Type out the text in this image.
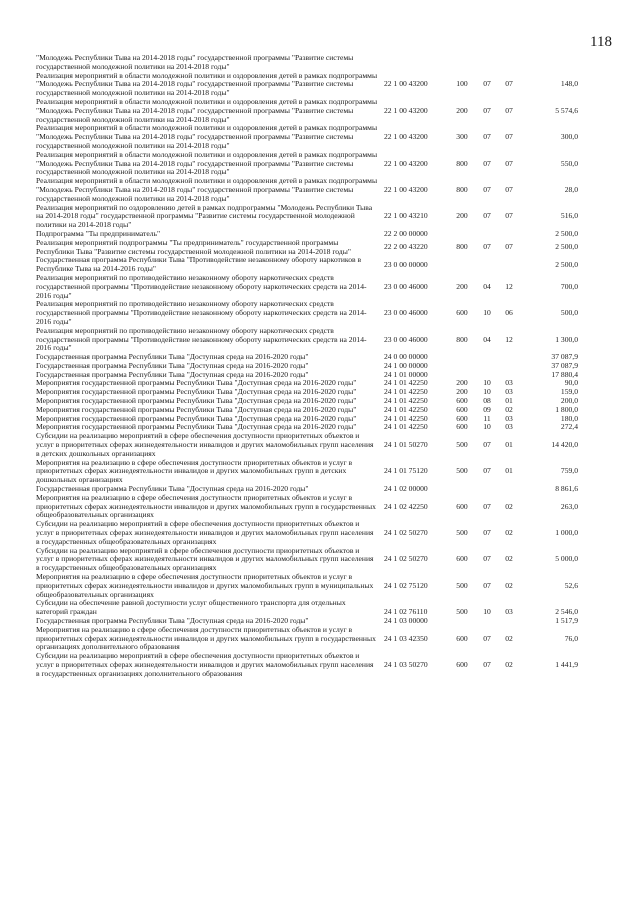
118
"Молодежь Республики Тыва на 2014-2018 годы" государственной программы "Развитие системы государственной молодежной политики на 2014-2018 годы"
Реализация мероприятий в области молодежной политики и оздоровления детей в рамках подпрограммы "Молодежь Республики Тыва на 2014-2018 годы" государственной программы "Развитие системы государственной молодежной политики на 2014-2018 годы"
22 1 00 43200	100	07	07	148,0
Реализация мероприятий в области молодежной политики и оздоровления детей в рамках подпрограммы "Молодежь Республики Тыва на 2014-2018 годы" государственной программы "Развитие системы государственной молодежной политики на 2014-2018 годы"
22 1 00 43200	200	07	07	5 574,6
Реализация мероприятий в области молодежной политики и оздоровления детей в рамках подпрограммы "Молодежь Республики Тыва на 2014-2018 годы" государственной программы "Развитие системы государственной молодежной политики на 2014-2018 годы"
22 1 00 43200	300	07	07	300,0
Реализация мероприятий в области молодежной политики и оздоровления детей в рамках подпрограммы "Молодежь Республики Тыва на 2014-2018 годы" государственной программы "Развитие системы государственной молодежной политики на 2014-2018 годы"
22 1 00 43200	800	07	07	550,0
Реализация мероприятий в области молодежной политики и оздоровления детей в рамках подпрограммы "Молодежь Республики Тыва на 2014-2018 годы" государственной программы "Развитие системы государственной молодежной политики на 2014-2018 годы"
22 1 00 43200	800	07	07	28,0
Реализация мероприятий по оздоровлению детей в рамках подпрограммы "Молодежь Республики Тыва на 2014-2018 годы" государственной программы "Развитие системы государственной молодежной политики на 2014-2018 годы"
22 1 00 43210	200	07	07	516,0
Подпрограмма "Ты предприниматель"	22 2 00 00000	2 500,0
Реализация мероприятий подпрограммы "Ты предприниматель" государственной программы Республики Тыва "Развитие системы государственной молодежной политики на 2014-2018 годы"	22 2 00 43220	800	07	07	2 500,0
Государственная программа Республики Тыва "Противодействие незаконному обороту наркотиков в Республике Тыва на 2014-2016 годы"	23 0 00 00000	2 500,0
Реализация мероприятий по противодействию незаконному обороту наркотических средств государственной программы "Противодействие незаконному обороту наркотических средств на 2014-2016 годы"
23 0 00 46000	200	04	12	700,0
Реализация мероприятий по противодействию незаконному обороту наркотических средств государственной программы "Противодействие незаконному обороту наркотических средств на 2014-2016 годы"
23 0 00 46000	600	10	06	500,0
Реализация мероприятий по противодействию незаконному обороту наркотических средств государственной программы "Противодействие незаконному обороту наркотических средств на 2014-2016 годы"
23 0 00 46000	800	04	12	1 300,0
Государственная программа Республики Тыва "Доступная среда на 2016-2020 годы"	24 0 00 00000	37 087,9
Государственная программа Республики Тыва "Доступная среда на 2016-2020 годы"	24 1 00 00000	37 087,9
Государственная программа Республики Тыва "Доступная среда на 2016-2020 годы"	24 1 01 00000	17 880,4
Мероприятия государственной программы Республики Тыва "Доступная среда на 2016-2020 годы"	24 1 01 42250	200	10	03	90,0
Мероприятия государственной программы Республики Тыва "Доступная среда на 2016-2020 годы"	24 1 01 42250	200	10	03	159,0
Мероприятия государственной программы Республики Тыва "Доступная среда на 2016-2020 годы"	24 1 01 42250	600	08	01	200,0
Мероприятия государственной программы Республики Тыва "Доступная среда на 2016-2020 годы"	24 1 01 42250	600	09	02	1 800,0
Мероприятия государственной программы Республики Тыва "Доступная среда на 2016-2020 годы"	24 1 01 42250	600	11	03	180,0
Мероприятия государственной программы Республики Тыва "Доступная среда на 2016-2020 годы"	24 1 01 42250	600	10	03	272,4
Субсидии на реализацию мероприятий в сфере обеспечения доступности приоритетных объектов и услуг в приоритетных сферах жизнедеятельности инвалидов и других маломобильных групп населения в детских дошкольных организациях
24 1 01 50270	500	07	01	14 420,0
Мероприятия на реализацию в сфере обеспечения доступности приоритетных объектов и услуг в приоритетных сферах жизнедеятельности инвалидов и других маломобильных групп в детских дошкольных организациях
24 1 01 75120	500	07	01	759,0
Государственная программа Республики Тыва "Доступная среда на 2016-2020 годы"	24 1 02 00000	8 861,6
Мероприятия на реализацию в сфере обеспечения доступности приоритетных объектов и услуг в приоритетных сферах жизнедеятельности инвалидов и других маломобильных групп в государственных общеобразовательных организациях
24 1 02 42250	600	07	02	263,0
Субсидии на реализацию мероприятий в сфере обеспечения доступности приоритетных объектов и услуг в приоритетных сферах жизнедеятельности инвалидов и других маломобильных групп населения в государственных общеобразовательных организациях
24 1 02 50270	500	07	02	1 000,0
Субсидии на реализацию мероприятий в сфере обеспечения доступности приоритетных объектов и услуг в приоритетных сферах жизнедеятельности инвалидов и других маломобильных групп населения в государственных общеобразовательных организациях
24 1 02 50270	600	07	02	5 000,0
Мероприятия на реализацию в сфере обеспечения доступности приоритетных объектов и услуг в приоритетных сферах жизнедеятельности инвалидов и других маломобильных групп в муниципальных общеобразовательных организациях
24 1 02 75120	500	07	02	52,6
Субсидии на обеспечение равной доступности услуг общественного транспорта для отдельных категорий граждан	24 1 02 76110	500	10	03	2 546,0
Государственная программа Республики Тыва "Доступная среда на 2016-2020 годы"	24 1 03 00000	1 517,9
Мероприятия на реализацию в сфере обеспечения доступности приоритетных объектов и услуг в приоритетных сферах жизнедеятельности инвалидов и других маломобильных групп в государственных организациях дополнительного образования
24 1 03 42350	600	07	02	76,0
Субсидии на реализацию мероприятий в сфере обеспечения доступности приоритетных объектов и услуг в приоритетных сферах жизнедеятельности инвалидов и других маломобильных групп населения в государственных организациях дополнительного образования
24 1 03 50270	600	07	02	1 441,9
